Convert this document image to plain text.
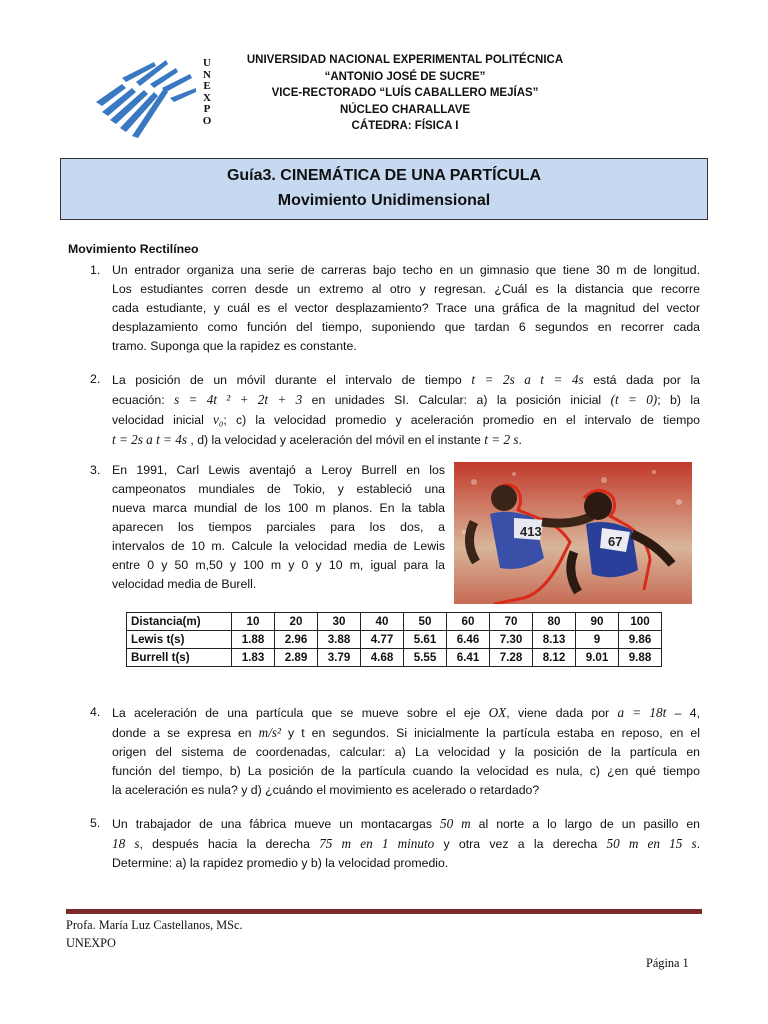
U
N
E
X
P
O
UNIVERSIDAD NACIONAL EXPERIMENTAL POLITÉCNICA
“ANTONIO JOSÉ DE SUCRE”
VICE-RECTORADO “LUÍS CABALLERO MEJÍAS”
NÚCLEO CHARALLAVE
CÁTEDRA: FÍSICA I
Guía3. CINEMÁTICA DE UNA PARTÍCULA
Movimiento Unidimensional
Movimiento Rectilíneo
1. Un entrador organiza una serie de carreras bajo techo en un gimnasio que tiene 30 m de longitud.
Los estudiantes corren desde un extremo al otro y regresan. ¿Cuál es la distancia que recorre
cada estudiante, y cuál es el vector desplazamiento? Trace una gráfica de la magnitud del vector
desplazamiento como función del tiempo, suponiendo que tardan 6 segundos en recorrer cada
tramo. Suponga que la rapidez es constante.
2. La posición de un móvil durante el intervalo de tiempo t = 2s a t = 4s está dada por la
ecuación: s = 4t ² + 2t + 3 en unidades SI. Calcular: a) la posición inicial (t = 0); b) la
velocidad inicial v₀; c) la velocidad promedio y aceleración promedio en el intervalo de tiempo
t = 2s a t = 4s , d) la velocidad y aceleración del móvil en el instante t = 2 s.
3. En 1991, Carl Lewis aventajó a Leroy Burrell en los
campeonatos mundiales de Tokio, y estableció una
nueva marca mundial de los 100 m planos. En la tabla
aparecen los tiempos parciales para los dos, a
intervalos de 10 m. Calcule la velocidad media de Lewis
entre 0 y 50 m,50 y 100 m y 0 y 10 m, igual para la
velocidad media de Burell.
413
67
Distancia(m)	10	20	30	40	50	60	70	80	90	100
Lewis t(s)	1.88	2.96	3.88	4.77	5.61	6.46	7.30	8.13	9	9.86
Burrell t(s)	1.83	2.89	3.79	4.68	5.55	6.41	7.28	8.12	9.01	9.88
4. La aceleración de una partícula que se mueve sobre el eje OX, viene dada por a = 18t – 4,
donde a se expresa en m/s² y t en segundos. Si inicialmente la partícula estaba en reposo, en el
origen del sistema de coordenadas, calcular: a) La velocidad y la posición de la partícula en
función del tiempo, b) La posición de la partícula cuando la velocidad es nula, c) ¿en qué tiempo
la aceleración es nula? y d) ¿cuándo el movimiento es acelerado o retardado?
5. Un trabajador de una fábrica mueve un montacargas 50 m al norte a lo largo de un pasillo en
18 s, después hacia la derecha 75 m en 1 minuto y otra vez a la derecha 50 m en 15 s.
Determine: a) la rapidez promedio y b) la velocidad promedio.
Profa. María Luz Castellanos, MSc.
UNEXPO
Página 1
